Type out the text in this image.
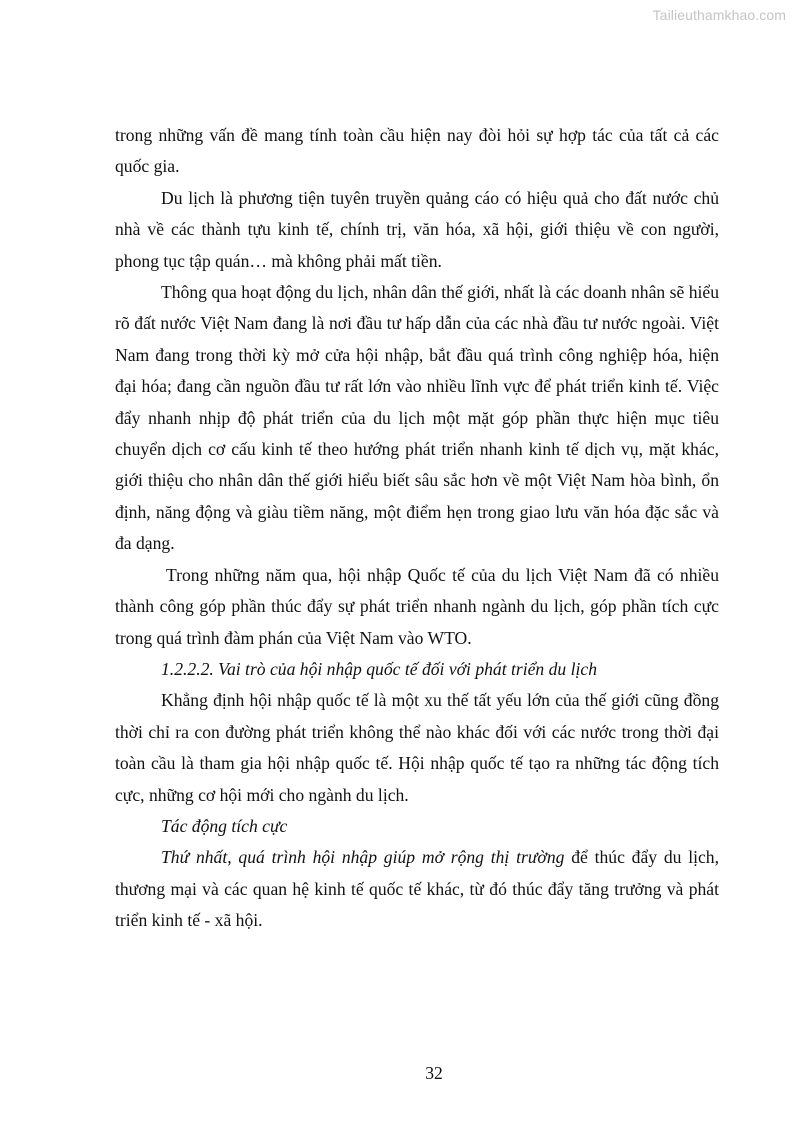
Tailieuthamkhao.com

trong những vấn đề mang tính toàn cầu hiện nay đòi hỏi sự hợp tác của tất cả các quốc gia.

Du lịch là phương tiện tuyên truyền quảng cáo có hiệu quả cho đất nước chủ nhà về các thành tựu kinh tế, chính trị, văn hóa, xã hội, giới thiệu về con người, phong tục tập quán… mà không phải mất tiền.

Thông qua hoạt động du lịch, nhân dân thế giới, nhất là các doanh nhân sẽ hiểu rõ đất nước Việt Nam đang là nơi đầu tư hấp dẫn của các nhà đầu tư nước ngoài. Việt Nam đang trong thời kỳ mở cửa hội nhập, bắt đầu quá trình công nghiệp hóa, hiện đại hóa; đang cần nguồn đầu tư rất lớn vào nhiều lĩnh vực để phát triển kinh tế. Việc đẩy nhanh nhịp độ phát triển của du lịch một mặt góp phần thực hiện mục tiêu chuyển dịch cơ cấu kinh tế theo hướng phát triển nhanh kinh tế dịch vụ, mặt khác, giới thiệu cho nhân dân thế giới hiểu biết sâu sắc hơn về một Việt Nam hòa bình, ổn định, năng động và giàu tiềm năng, một điểm hẹn trong giao lưu văn hóa đặc sắc và đa dạng.

Trong những năm qua, hội nhập Quốc tế của du lịch Việt Nam đã có nhiều thành công góp phần thúc đẩy sự phát triển nhanh ngành du lịch, góp phần tích cực trong quá trình đàm phán của Việt Nam vào WTO.

1.2.2.2. Vai trò của hội nhập quốc tế đối với phát triển du lịch

Khẳng định hội nhập quốc tế là một xu thế tất yếu lớn của thế giới cũng đồng thời chỉ ra con đường phát triển không thể nào khác đối với các nước trong thời đại toàn cầu là tham gia hội nhập quốc tế. Hội nhập quốc tế tạo ra những tác động tích cực, những cơ hội mới cho ngành du lịch.

Tác động tích cực

Thứ nhất, quá trình hội nhập giúp mở rộng thị trường để thúc đẩy du lịch, thương mại và các quan hệ kinh tế quốc tế khác, từ đó thúc đẩy tăng trưởng và phát triển kinh tế - xã hội.

32
